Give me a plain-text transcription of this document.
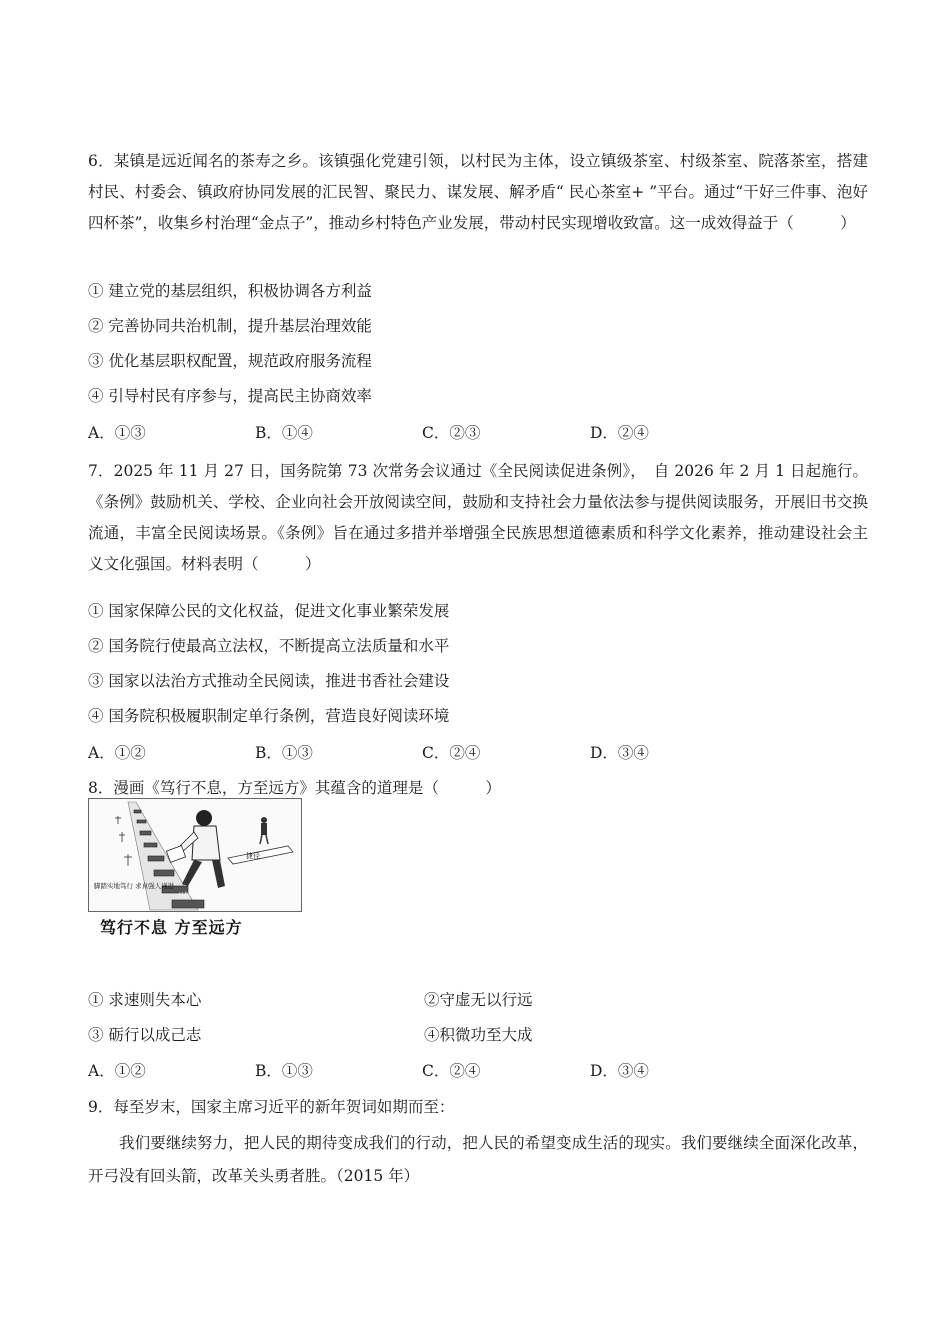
6．某镇是远近闻名的茶寿之乡。该镇强化党建引领，以村民为主体，设立镇级茶室、村级茶室、院落茶室，搭建村民、村委会、镇政府协同发展的汇民智、聚民力、谋发展、解矛盾“ 民心茶室+ ”平台。通过“干好三件事、泡好四杯茶”，收集乡村治理“金点子”，推动乡村特色产业发展，带动村民实现增收致富。这一成效得益于（　　　）

① 建立党的基层组织，积极协调各方利益
② 完善协同共治机制，提升基层治理效能
③ 优化基层职权配置，规范政府服务流程
④ 引导村民有序参与，提高民主协商效率
A．①③	B．①④	C．②③	D．②④

7．2025 年 11 月 27 日，国务院第 73 次常务会议通过《全民阅读促进条例》，　自 2026 年 2 月 1 日起施行。《条例》鼓励机关、学校、企业向社会开放阅读空间，鼓励和支持社会力量依法参与提供阅读服务，开展旧书交换流通，丰富全民阅读场景。《条例》旨在通过多措并举增强全民族思想道德素质和科学文化素养，推动建设社会主义文化强国。材料表明（　　　）

① 国家保障公民的文化权益，促进文化事业繁荣发展
② 国务院行使最高立法权，不断提高立法质量和水平
③ 国家以法治方式推动全民阅读，推进书香社会建设
④ 国务院积极履职制定单行条例，营造良好阅读环境
A．①②	B．①③	C．②④	D．③④
8．漫画《笃行不息，方至远方》其蕴含的道理是（　　　）
捷径
日积一步
脚踏实地笃行 求真强人谨进
笃行不息 方至远方
① 求速则失本心	②守虚无以行远
③ 砺行以成己志	④积微功至大成
A．①②	B．①③	C．②④	D．③④
9．每至岁末，国家主席习近平的新年贺词如期而至：

我们要继续努力，把人民的期待变成我们的行动，把人民的希望变成生活的现实。我们要继续全面深化改革，开弓没有回头箭，改革关头勇者胜。（2015 年）
